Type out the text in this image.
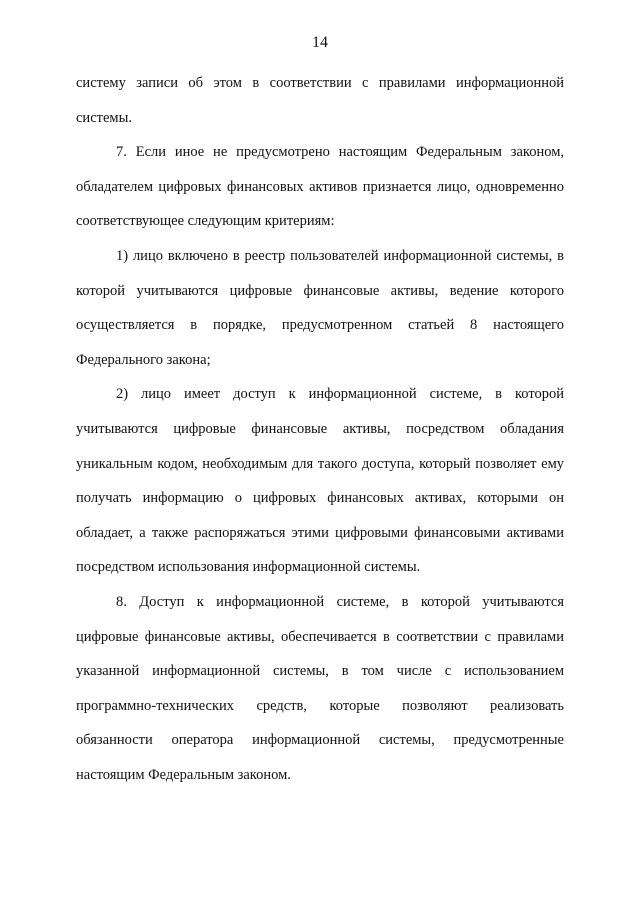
14

систему записи об этом в соответствии с правилами информационной системы.

7. Если иное не предусмотрено настоящим Федеральным законом, обладателем цифровых финансовых активов признается лицо, одновременно соответствующее следующим критериям:

1) лицо включено в реестр пользователей информационной системы, в которой учитываются цифровые финансовые активы, ведение которого осуществляется в порядке, предусмотренном статьей 8 настоящего Федерального закона;

2) лицо имеет доступ к информационной системе, в которой учитываются цифровые финансовые активы, посредством обладания уникальным кодом, необходимым для такого доступа, который позволяет ему получать информацию о цифровых финансовых активах, которыми он обладает, а также распоряжаться этими цифровыми финансовыми активами посредством использования информационной системы.

8. Доступ к информационной системе, в которой учитываются цифровые финансовые активы, обеспечивается в соответствии с правилами указанной информационной системы, в том числе с использованием программно-технических средств, которые позволяют реализовать обязанности оператора информационной системы, предусмотренные настоящим Федеральным законом.
